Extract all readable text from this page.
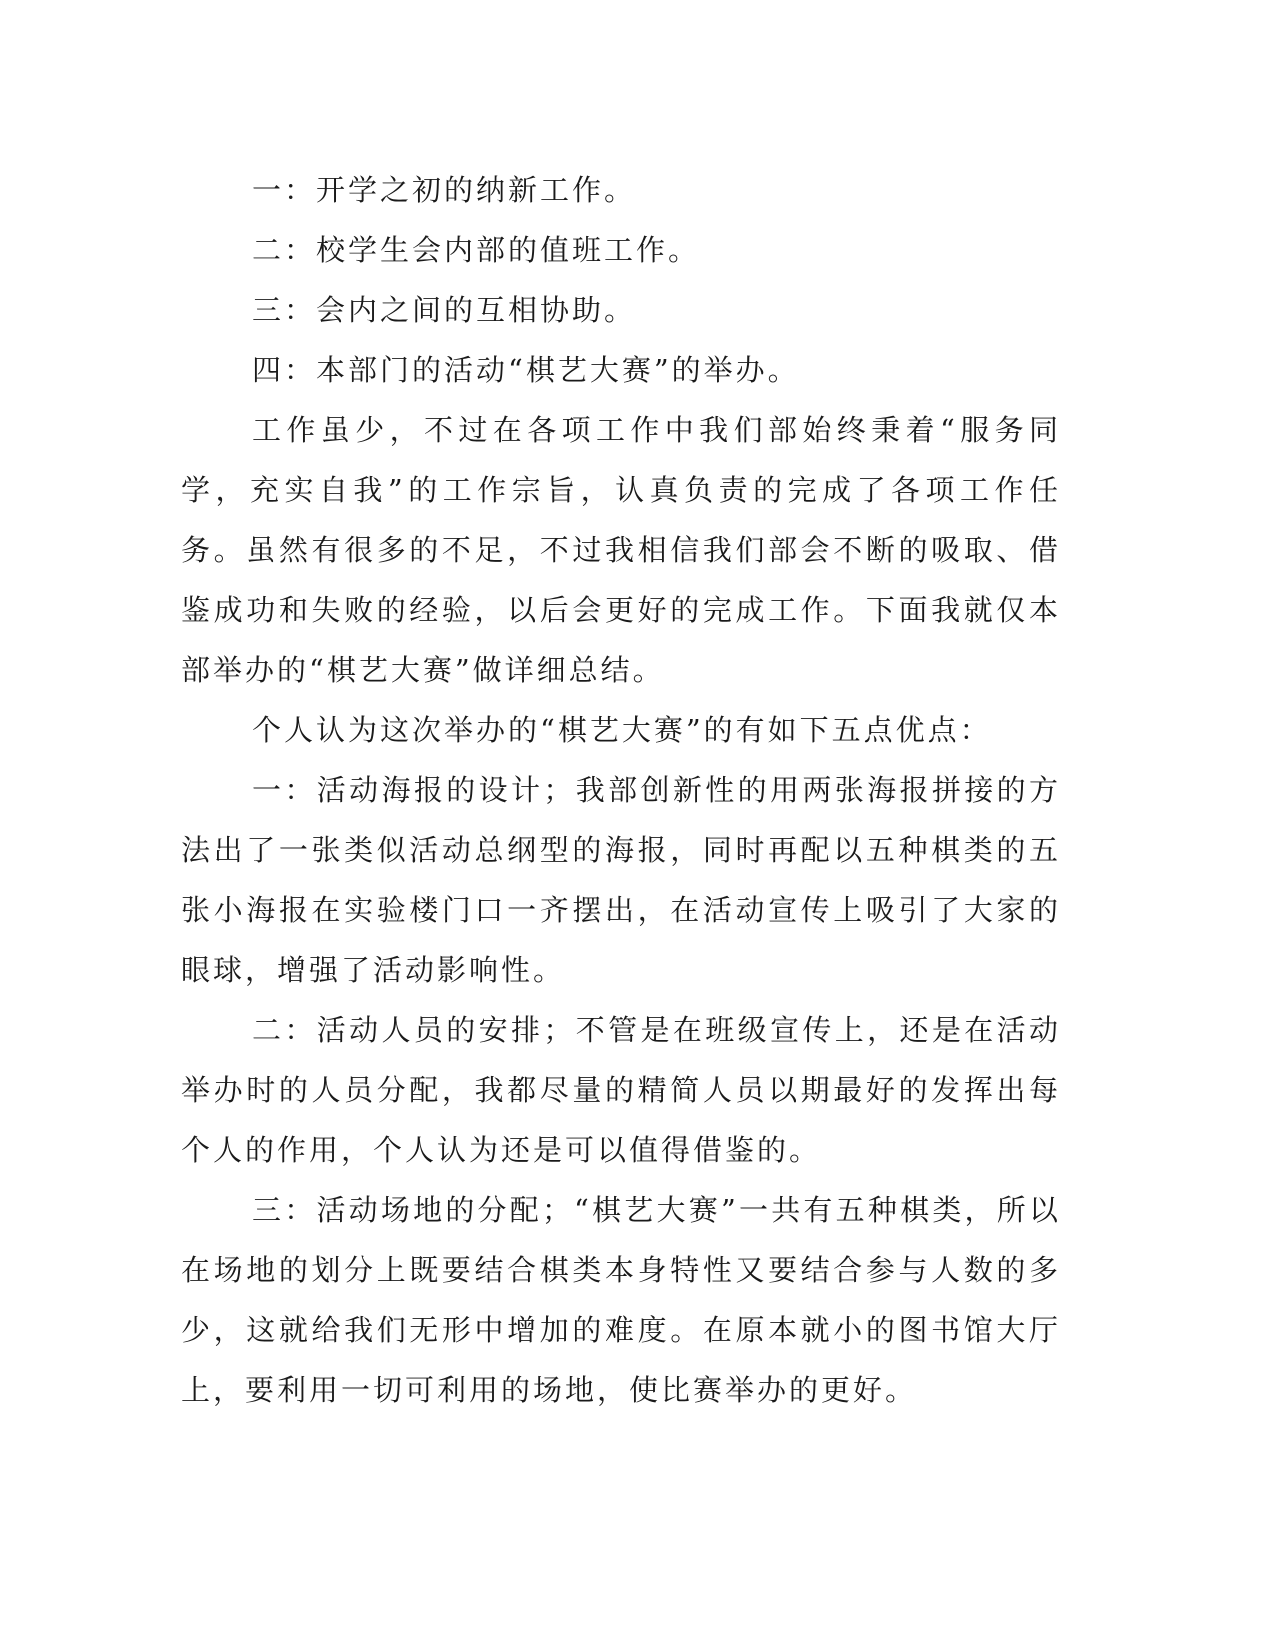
一：开学之初的纳新工作。

二：校学生会内部的值班工作。

三：会内之间的互相协助。

四：本部门的活动“棋艺大赛”的举办。

工作虽少，不过在各项工作中我们部始终秉着“服务同学，充实自我”的工作宗旨，认真负责的完成了各项工作任务。虽然有很多的不足，不过我相信我们部会不断的吸取、借鉴成功和失败的经验，以后会更好的完成工作。下面我就仅本部举办的“棋艺大赛”做详细总结。

个人认为这次举办的“棋艺大赛”的有如下五点优点：

一：活动海报的设计；我部创新性的用两张海报拼接的方法出了一张类似活动总纲型的海报，同时再配以五种棋类的五张小海报在实验楼门口一齐摆出，在活动宣传上吸引了大家的眼球，增强了活动影响性。

二：活动人员的安排；不管是在班级宣传上，还是在活动举办时的人员分配，我都尽量的精简人员以期最好的发挥出每个人的作用，个人认为还是可以值得借鉴的。

三：活动场地的分配；“棋艺大赛”一共有五种棋类，所以在场地的划分上既要结合棋类本身特性又要结合参与人数的多少，这就给我们无形中增加的难度。在原本就小的图书馆大厅上，要利用一切可利用的场地，使比赛举办的更好。
